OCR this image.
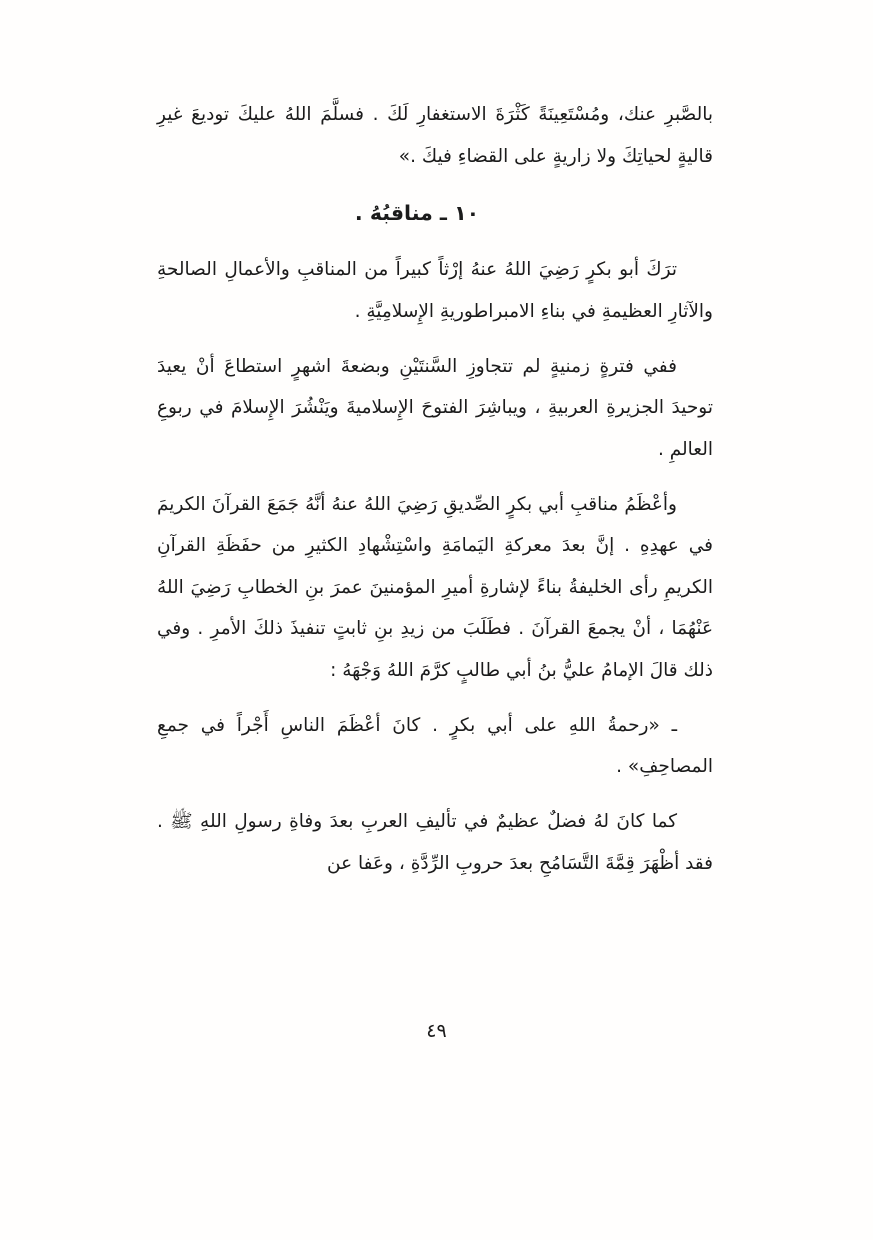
بالصَّبرِ عنك، ومُسْتَعِينَةً كَثْرَةَ الاستغفارِ لَكَ . فسلَّمَ اللهُ عليكَ توديعَ غيرِ قاليةٍ لحياتِكَ ولا زاريةٍ على القضاءِ فيكَ .»

١٠ ـ مناقبُهُ .

ترَكَ أبو بكرٍ رَضِيَ اللهُ عنهُ إرْثاً كبيراً من المناقبِ والأعمالِ الصالحةِ والآثارِ العظيمةِ في بناءِ الامبراطوريةِ الإِسلامِيَّةِ .

ففي فترةٍ زمنيةٍ لم تتجاوزِ السَّنتَيْنِ وبضعةَ اشهرٍ استطاعَ أنْ يعيدَ توحيدَ الجزيرةِ العربيةِ ، ويباشِرَ الفتوحَ الإِسلاميةَ ويَنْشُرَ الإِسلامَ في ربوعِ العالمِ .

وأعْظَمُ مناقبِ أبي بكرٍ الصِّديقِ رَضِيَ اللهُ عنهُ أنَّهُ جَمَعَ القرآنَ الكريمَ في عهدِهِ . إنَّ بعدَ معركةِ اليَمامَةِ واسْتِشْهادِ الكثيرِ من حفَظَةِ القرآنِ الكريمِ رأى الخليفةُ بناءً لإشارةِ أميرِ المؤمنينَ عمرَ بنِ الخطابِ رَضِيَ اللهُ عَنْهُمَا ، أنْ يجمعَ القرآنَ . فطَلَبَ من زيدِ بنِ ثابتٍ تنفيذَ ذلكَ الأمرِ . وفي ذلك قالَ الإمامُ عليُّ بنُ أبي طالبٍ كرَّمَ اللهُ وَجْهَهُ :

ـ «رحمةُ اللهِ على أبي بكرٍ . كانَ أعْظَمَ الناسِ أَجْراً في جمعِ المصاحِفِ» .

كما كانَ لهُ فضلٌ عظيمٌ في تأليفِ العربِ بعدَ وفاةِ رسولِ اللهِ ﷺ . فقد أظْهَرَ قِمَّةَ التَّسَامُحِ بعدَ حروبِ الرِّدَّةِ ، وعَفا عن

٤٩
